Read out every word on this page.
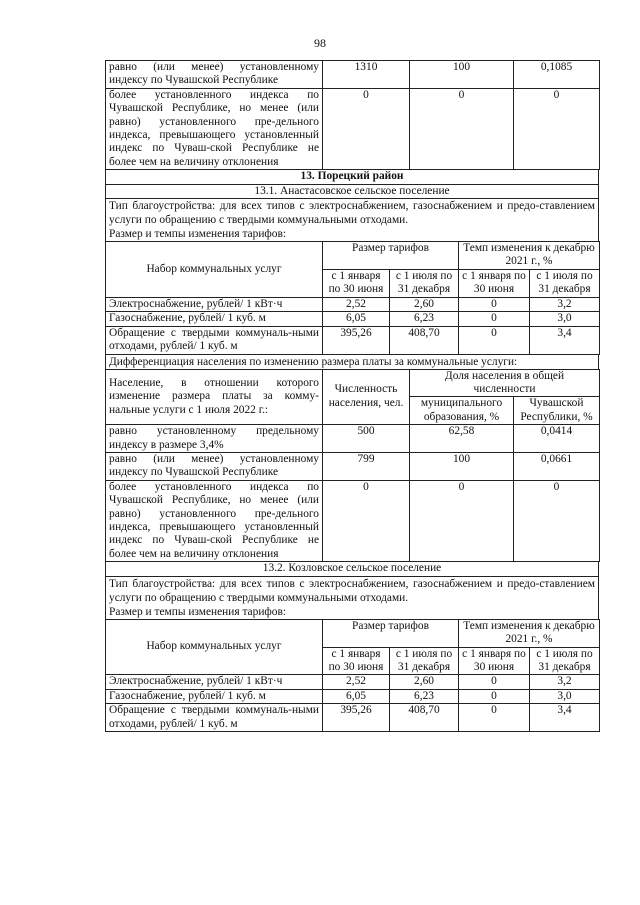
98
равно (или менее) установленному индексу по Чувашской Республике	1310	100	0,1085
более установленного индекса по Чувашской Республике, но менее (или равно) установленного пре-дельного индекса, превышающего установленный индекс по Чуваш-ской Республике не более чем на величину отклонения	0	0	0
13. Порецкий район
13.1. Анастасовское сельское поселение
Тип благоустройства: для всех типов с электроснабжением, газоснабжением и предо-ставлением услуги по обращению с твердыми коммунальными отходами.
Размер и темпы изменения тарифов:
Набор коммунальных услуг	Размер тарифов		Темп изменения к декабрю 2021 г., %	
	с 1 января по 30 июня	с 1 июля по 31 декабря	с 1 января по 30 июня	с 1 июля по 31 декабря
Электроснабжение, рублей/ 1 кВт·ч	2,52	2,60	0	3,2
Газоснабжение, рублей/ 1 куб. м	6,05	6,23	0	3,0
Обращение с твердыми коммуналь-ными отходами, рублей/ 1 куб. м	395,26	408,70	0	3,4
Дифференциация населения по изменению размера платы за коммунальные услуги:
Население, в отношении которого изменение размера платы за комму-нальные услуги с 1 июля 2022 г.:	Численность населения, чел.	Доля населения в общей численности	
		муниципального образования, %	Чувашской Республики, %
равно установленному предельному индексу в размере 3,4%	500	62,58	0,0414
равно (или менее) установленному индексу по Чувашской Республике	799	100	0,0661
более установленного индекса по Чувашской Республике, но менее (или равно) установленного пре-дельного индекса, превышающего установленный индекс по Чуваш-ской Республике не более чем на величину отклонения	0	0	0
13.2. Козловское сельское поселение
Тип благоустройства: для всех типов с электроснабжением, газоснабжением и предо-ставлением услуги по обращению с твердыми коммунальными отходами.
Размер и темпы изменения тарифов:
Набор коммунальных услуг	Размер тарифов		Темп изменения к декабрю 2021 г., %	
	с 1 января по 30 июня	с 1 июля по 31 декабря	с 1 января по 30 июня	с 1 июля по 31 декабря
Электроснабжение, рублей/ 1 кВт·ч	2,52	2,60	0	3,2
Газоснабжение, рублей/ 1 куб. м	6,05	6,23	0	3,0
Обращение с твердыми коммуналь-ными отходами, рублей/ 1 куб. м	395,26	408,70	0	3,4
